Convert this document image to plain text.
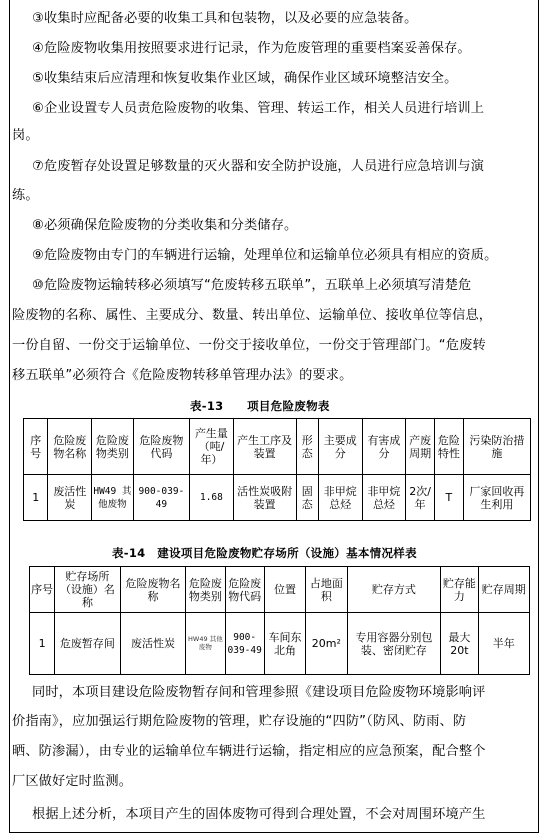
③收集时应配备必要的收集工具和包装物，以及必要的应急装备。
④危险废物收集用按照要求进行记录，作为危废管理的重要档案妥善保存。
⑤收集结束后应清理和恢复收集作业区域，确保作业区域环境整洁安全。
⑥企业设置专人员责危险废物的收集、管理、转运工作，相关人员进行培训上
岗。
⑦危废暂存处设置足够数量的灭火器和安全防护设施，人员进行应急培训与演
练。
⑧必须确保危险废物的分类收集和分类储存。
⑨危险废物由专门的车辆进行运输，处理单位和运输单位必须具有相应的资质。
⑩危险废物运输转移必须填写“危废转移五联单”，五联单上必须填写清楚危
险废物的名称、属性、主要成分、数量、转出单位、运输单位、接收单位等信息，
一份自留、一份交于运输单位、一份交于接收单位，一份交于管理部门。“危废转
移五联单”必须符合《危险废物转移单管理办法》的要求。
表-13　　项目危险废物表
序号	危险废物名称	危险废物类别	危险废物代码	产生量（吨/年）	产生工序及装置	形态	主要成分	有害成分	产废周期	危险特性	污染防治措施
1	废活性炭	HW49 其他废物	900-039-49	1.68	活性炭吸附装置	固态	非甲烷总烃	非甲烷总烃	2次/年	T	厂家回收再生利用
表-14　建设项目危险废物贮存场所（设施）基本情况样表
序号	贮存场所（设施）名称	危险废物名称	危险废物类别	危险废物代码	位置	占地面积	贮存方式	贮存能力	贮存周期
1	危废暂存间	废活性炭	HW49 其他废物	900-039-49	车间东北角	20m²	专用容器分别包装、密闭贮存	最大20t	半年
同时，本项目建设危险废物暂存间和管理参照《建设项目危险废物环境影响评
价指南》，应加强运行期危险废物的管理，贮存设施的“四防”（防风、防雨、防
晒、防渗漏），由专业的运输单位车辆进行运输，指定相应的应急预案，配合整个
厂区做好定时监测。
根据上述分析，本项目产生的固体废物可得到合理处置，不会对周围环境产生
